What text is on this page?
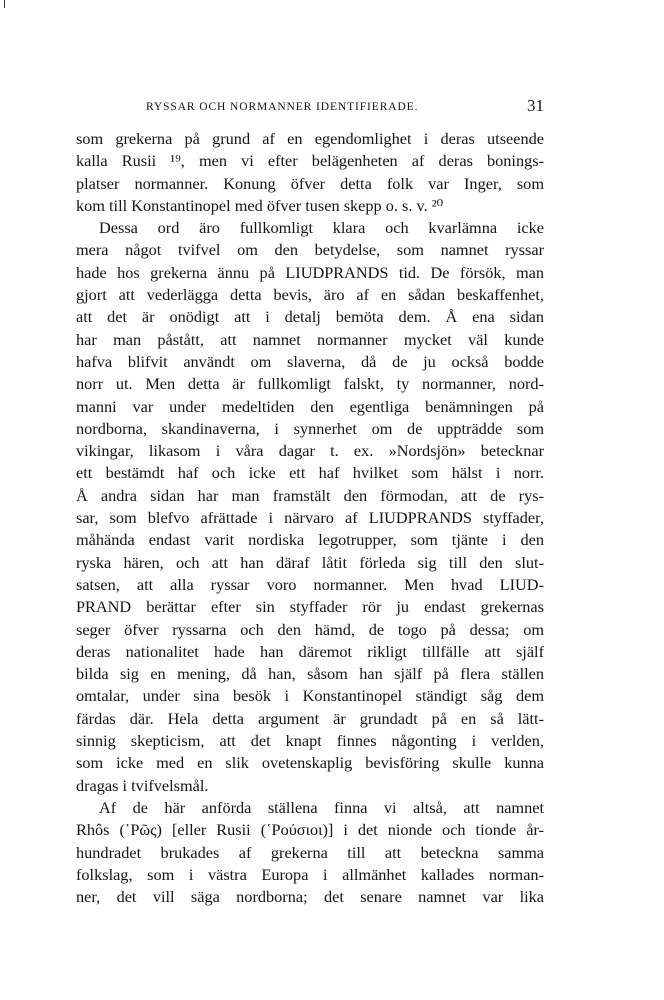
RYSSAR OCH NORMANNER IDENTIFIERADE.	31
som grekerna på grund af en egendomlighet i deras utseende
kalla Rusii ¹⁹, men vi efter belägenheten af deras bonings-
platser normanner. Konung öfver detta folk var Inger, som
kom till Konstantinopel med öfver tusen skepp o. s. v. ²⁰
Dessa ord äro fullkomligt klara och kvarlämna icke
mera något tvifvel om den betydelse, som namnet ryssar
hade hos grekerna ännu på LIUDPRANDS tid. De försök, man
gjort att vederlägga detta bevis, äro af en sådan beskaffenhet,
att det är onödigt att i detalj bemöta dem. Å ena sidan
har man påstått, att namnet normanner mycket väl kunde
hafva blifvit användt om slaverna, då de ju också bodde
norr ut. Men detta är fullkomligt falskt, ty normanner, nord-
manni var under medeltiden den egentliga benämningen på
nordborna, skandinaverna, i synnerhet om de uppträdde som
vikingar, likasom i våra dagar t. ex. »Nordsjön» betecknar
ett bestämdt haf och icke ett haf hvilket som hälst i norr.
Å andra sidan har man framstält den förmodan, att de rys-
sar, som blefvo afrättade i närvaro af LIUDPRANDS styffader,
måhända endast varit nordiska legotrupper, som tjänte i den
ryska hären, och att han däraf låtit förleda sig till den slut-
satsen, att alla ryssar voro normanner. Men hvad LIUD-
PRAND berättar efter sin styffader rör ju endast grekernas
seger öfver ryssarna och den hämd, de togo på dessa; om
deras nationalitet hade han däremot rikligt tillfälle att själf
bilda sig en mening, då han, såsom han själf på flera ställen
omtalar, under sina besök i Konstantinopel ständigt såg dem
färdas där. Hela detta argument är grundadt på en så lätt-
sinnig skepticism, att det knapt finnes någonting i verlden,
som icke med en slik ovetenskaplig bevisföring skulle kunna
dragas i tvifvelsmål.
Af de här anförda ställena finna vi altså, att namnet
Rhôs (῾Ρῶς) [eller Rusii (῾Ρούσιοι)] i det nionde och tionde år-
hundradet brukades af grekerna till att beteckna samma
folkslag, som i västra Europa i allmänhet kallades norman-
ner, det vill säga nordborna; det senare namnet var lika
